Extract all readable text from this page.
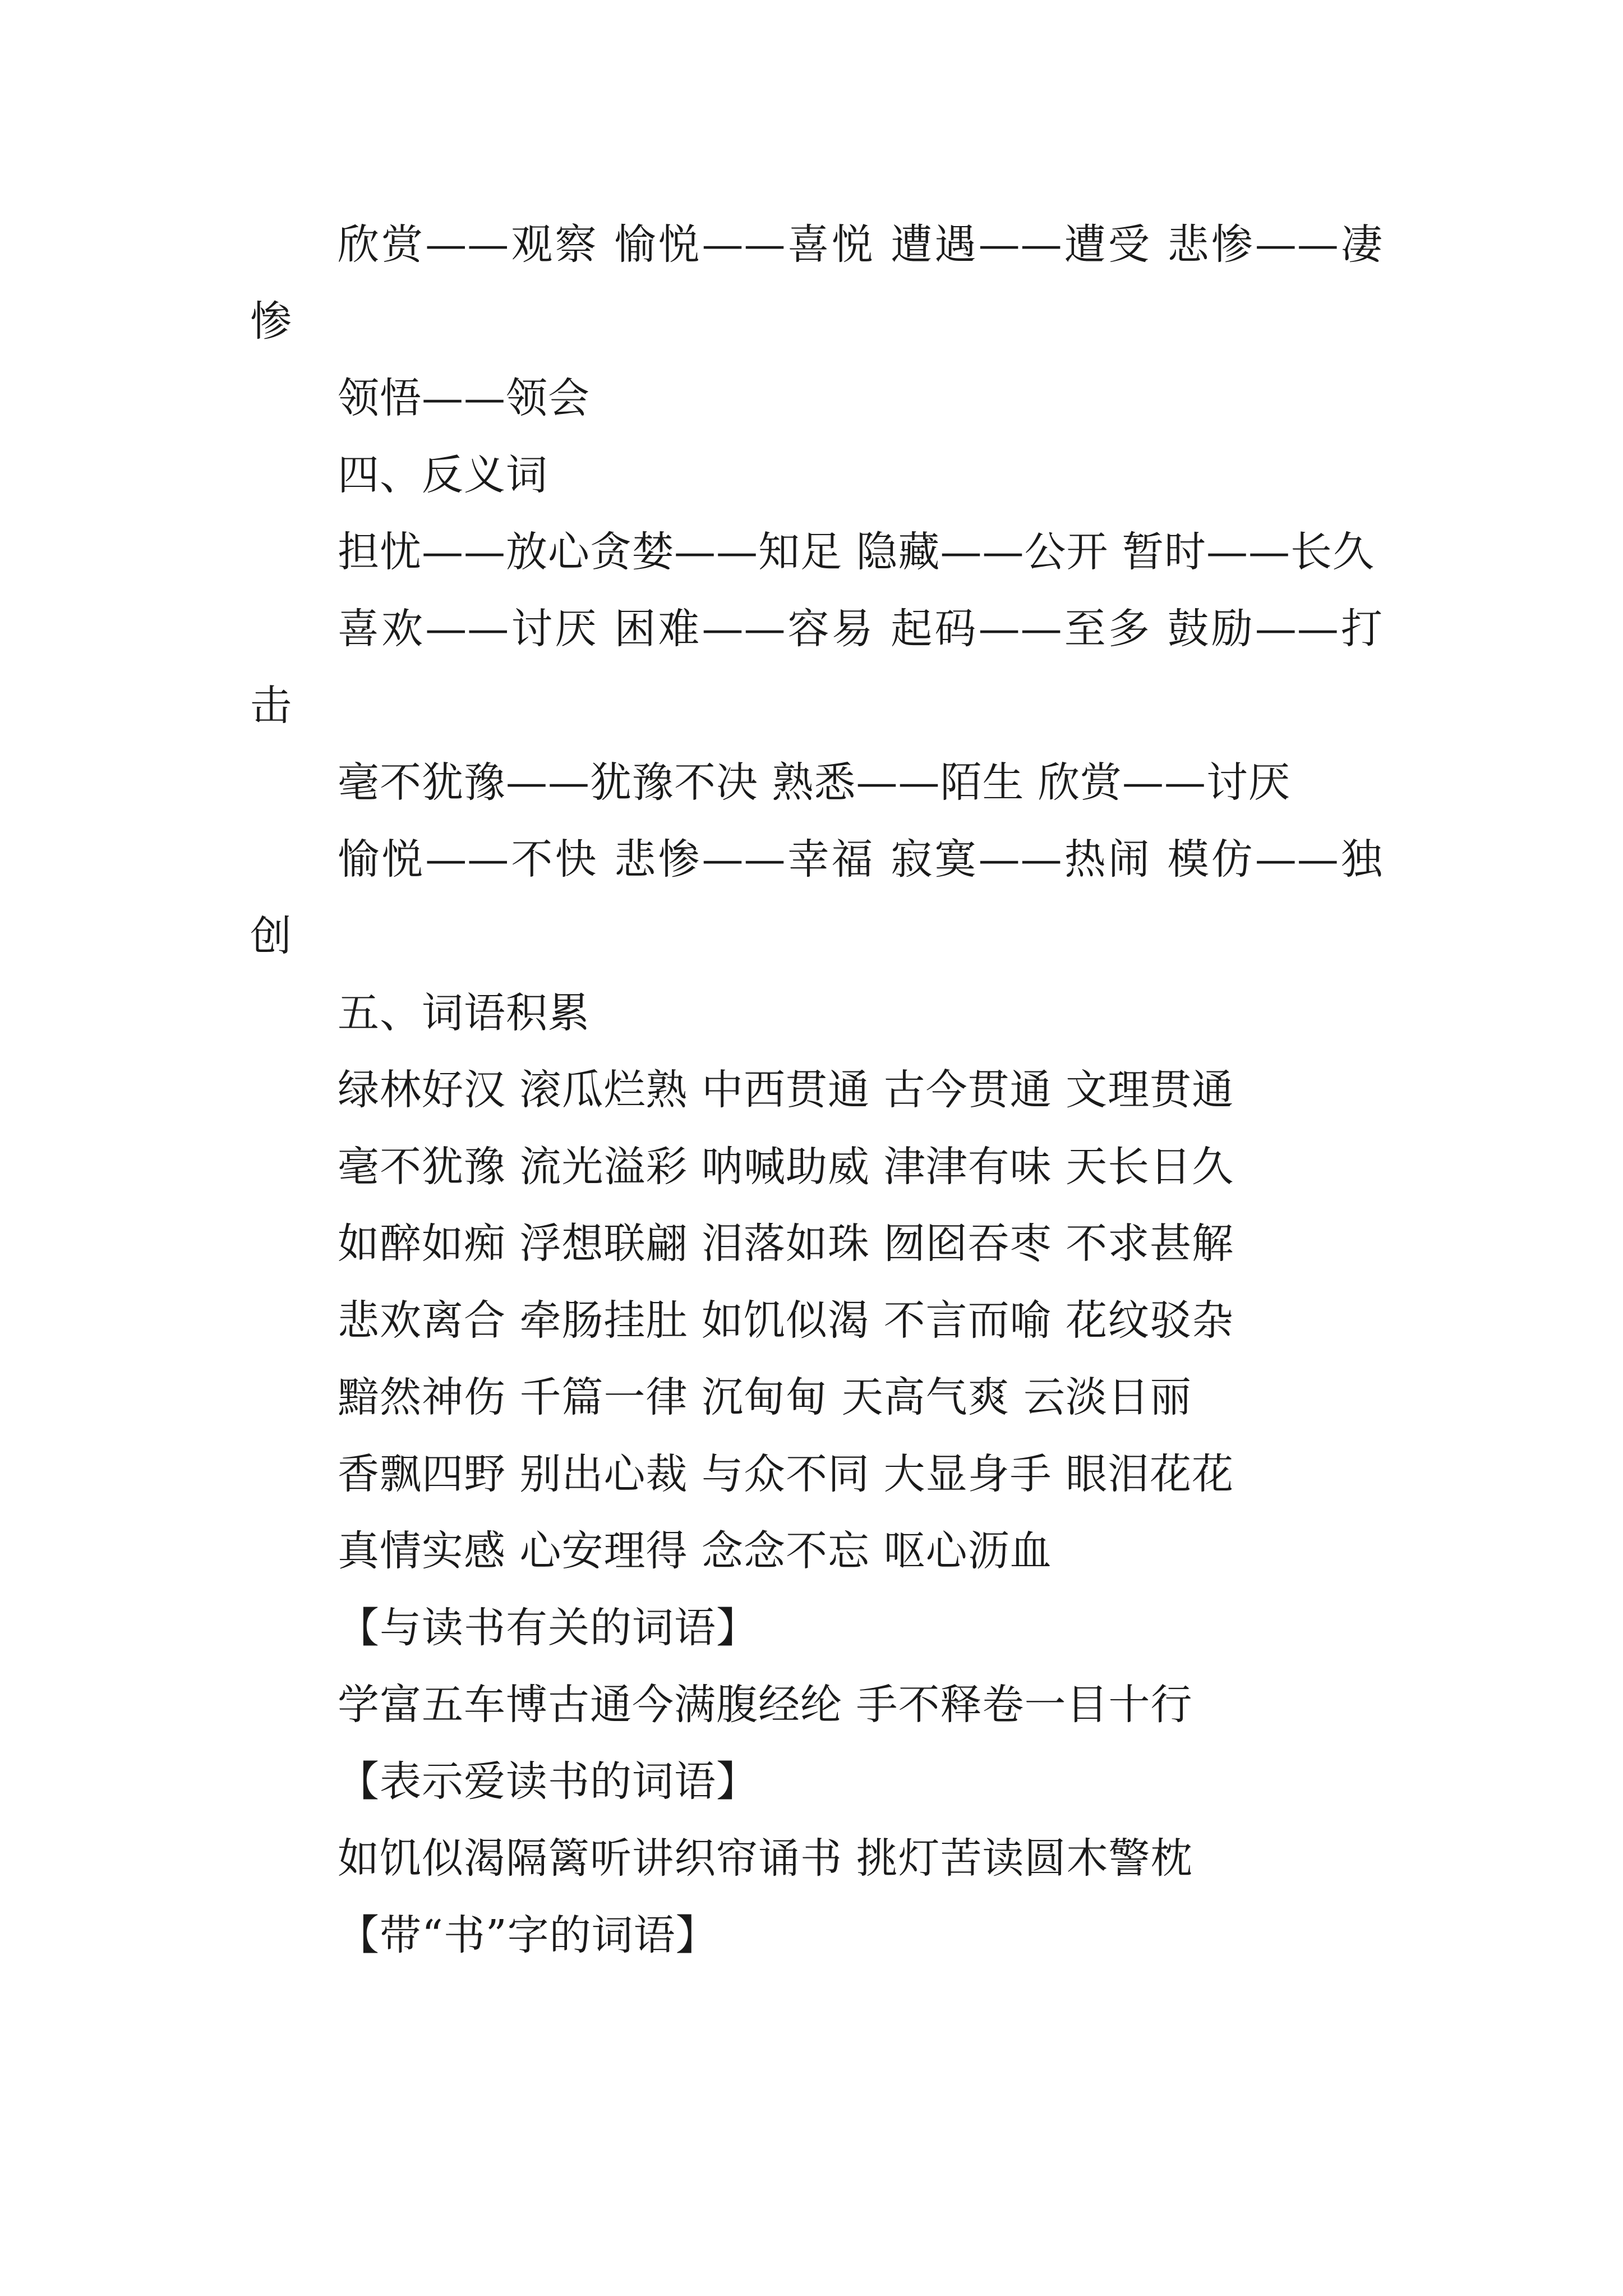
欣赏——观察 愉悦——喜悦 遭遇——遭受 悲惨——凄惨
领悟——领会
四、反义词
担忧——放心贪婪——知足 隐藏——公开 暂时——长久
喜欢——讨厌 困难——容易 起码——至多 鼓励——打击
毫不犹豫——犹豫不决 熟悉——陌生 欣赏——讨厌
愉悦——不快 悲惨——幸福 寂寞——热闹 模仿——独创
五、词语积累
绿林好汉 滚瓜烂熟 中西贯通 古今贯通 文理贯通
毫不犹豫 流光溢彩 呐喊助威 津津有味 天长日久
如醉如痴 浮想联翩 泪落如珠 囫囵吞枣 不求甚解
悲欢离合 牵肠挂肚 如饥似渴 不言而喻 花纹驳杂
黯然神伤 千篇一律 沉甸甸 天高气爽 云淡日丽
香飘四野 别出心裁 与众不同 大显身手 眼泪花花
真情实感 心安理得 念念不忘 呕心沥血
【与读书有关的词语】
学富五车博古通今满腹经纶 手不释卷一目十行
【表示爱读书的词语】
如饥似渴隔篱听讲织帘诵书 挑灯苦读圆木警枕
【带“书”字的词语】
